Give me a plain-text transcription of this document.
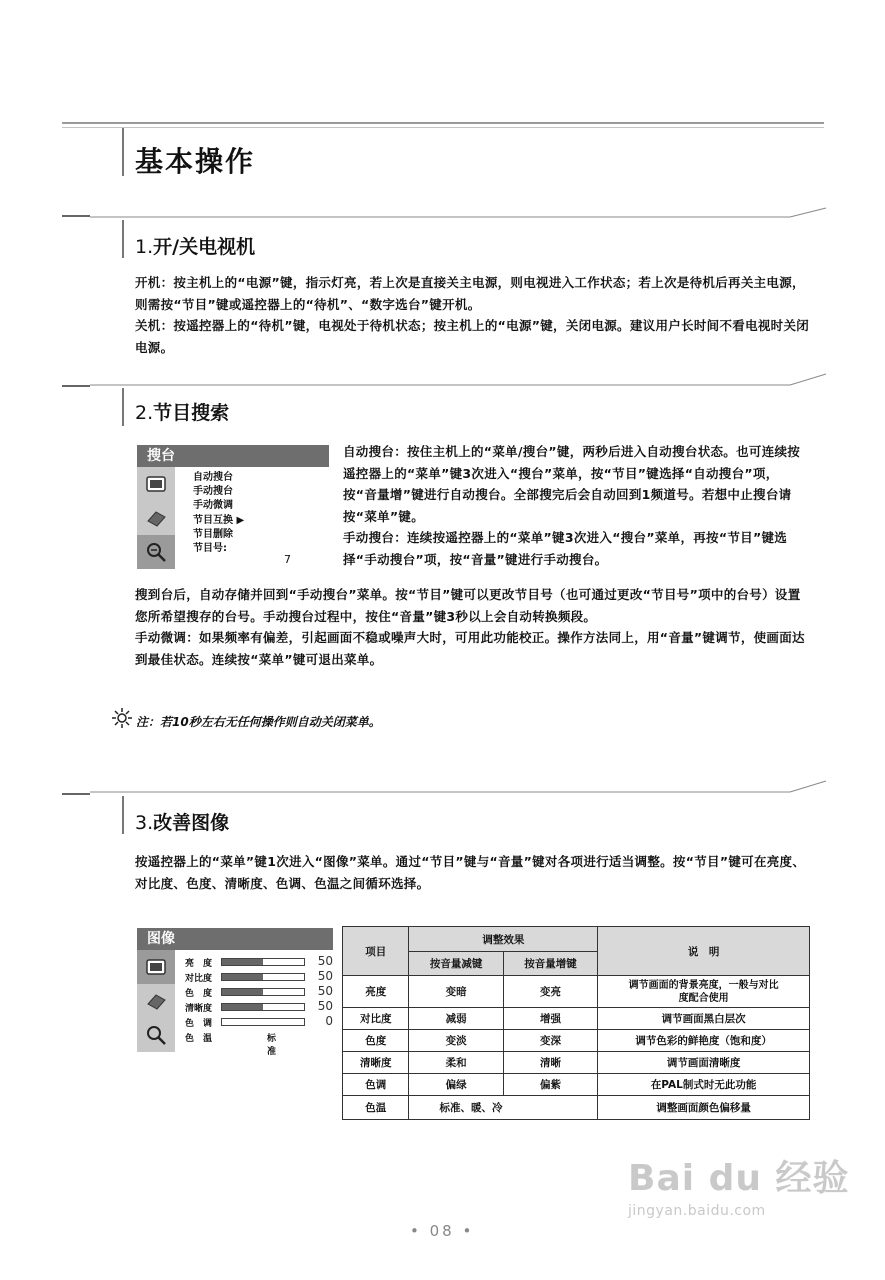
基本操作
1.开/关电视机

开机：按主机上的“电源”键，指示灯亮，若上次是直接关主电源，则电视进入工作状态；若上次是待机后再关主电源，则需按“节目”键或遥控器上的“待机”、“数字选台”键开机。

关机：按遥控器上的“待机”键，电视处于待机状态；按主机上的“电源”键，关闭电源。建议用户长时间不看电视时关闭电源。

2.节目搜索
搜台
自动搜台
手动搜台
手动微调
节目互换 ▶
节目删除
节目号:
7

自动搜台：按住主机上的“菜单/搜台”键，两秒后进入自动搜台状态。也可连续按遥控器上的“菜单”键3次进入“搜台”菜单，按“节目”键选择“自动搜台”项，按“音量增”键进行自动搜台。全部搜完后会自动回到1频道号。若想中止搜台请按“菜单”键。

手动搜台：连续按遥控器上的“菜单”键3次进入“搜台”菜单，再按“节目”键选择“手动搜台”项，按“音量”键进行手动搜台。

搜到台后，自动存储并回到“手动搜台”菜单。按“节目”键可以更改节目号（也可通过更改“节目号”项中的台号）设置您所希望搜存的台号。手动搜台过程中，按住“音量”键3秒以上会自动转换频段。

手动微调：如果频率有偏差，引起画面不稳或噪声大时，可用此功能校正。操作方法同上，用“音量”键调节，使画面达到最佳状态。连续按“菜单”键可退出菜单。

注：若10秒左右无任何操作则自动关闭菜单。
3.改善图像

按遥控器上的“菜单”键1次进入“图像”菜单。通过“节目”键与“音量”键对各项进行适当调整。按“节目”键可在亮度、对比度、色度、清晰度、色调、色温之间循环选择。

图像
亮　度	50
对比度	50
色　度	50
清晰度	50
色　调	0
色　温	标准
项目	调整效果		说　明
	按音量减键	按音量增键	
亮度	变暗	变亮	调节画面的背景亮度，一般与对比度配合使用
对比度	减弱	增强	调节画面黑白层次
色度	变淡	变深	调节色彩的鲜艳度（饱和度）
清晰度	柔和	清晰	调节画面清晰度
色调	偏绿	偏紫	在PAL制式时无此功能
色温	标准、暖、冷		调整画面颜色偏移量
Bai du 经验
jingyan.baidu.com
• 08 •
